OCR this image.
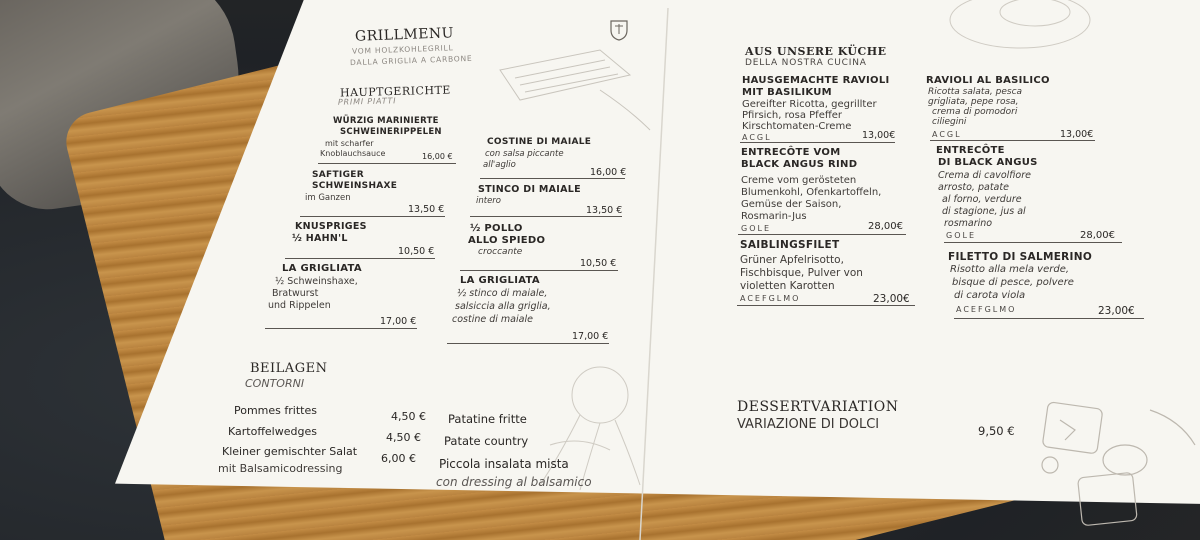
GRILLMENU
VOM HOLZKOHLEGRILL
DALLA GRIGLIA A CARBONE
HAUPTGERICHTE
PRIMI PIATTI
WÜRZIG MARINIERTE
SCHWEINERIPPELEN
mit scharfer
Knoblauchsauce	16,00 €
SAFTIGER
SCHWEINSHAXE
im Ganzen
13,50 €
KNUSPRIGES
½ HAHN'L
10,50 €
LA GRIGLIATA
½ Schweinshaxe,
Bratwurst
und Rippelen
17,00 €
COSTINE DI MAIALE
con salsa piccante
all'aglio
16,00 €
STINCO DI MAIALE
intero
13,50 €
½ POLLO
ALLO SPIEDO
croccante
10,50 €
LA GRIGLIATA
½ stinco di maiale,
salsiccia alla griglia,
costine di maiale
17,00 €
BEILAGEN
CONTORNI
Pommes frittes	4,50 € Patatine fritte
Kartoffelwedges	4,50 € Patate country
Kleiner gemischter Salat
mit Balsamicodressing
6,00 € Piccola insalata mista
con dressing al balsamico
AUS UNSERE KÜCHE
DELLA NOSTRA CUCINA
HAUSGEMACHTE RAVIOLI
MIT BASILIKUM
Gereifter Ricotta, gegrillter
Pfirsich, rosa Pfeffer
Kirschtomaten-Creme
ACGL	13,00€
ENTRECÔTE VOM
BLACK ANGUS RIND
Creme vom gerösteten
Blumenkohl, Ofenkartoffeln,
Gemüse der Saison,
Rosmarin-Jus
GOLE	28,00€
SAIBLINGSFILET
Grüner Apfelrisotto,
Fischbisque, Pulver von
violetten Karotten
ACEFGLMO	23,00€
RAVIOLI AL BASILICO
Ricotta salata, pesca
grigliata, pepe rosa,
crema di pomodori
ciliegini
ACGL	13,00€
ENTRECÔTE
DI BLACK ANGUS
Crema di cavolfiore
arrosto, patate
al forno, verdure
di stagione, jus al
rosmarino
GOLE	28,00€
FILETTO DI SALMERINO
Risotto alla mela verde,
bisque di pesce, polvere
di carota viola
ACEFGLMO	23,00€
DESSERTVARIATION
VARIAZIONE DI DOLCI	9,50 €
